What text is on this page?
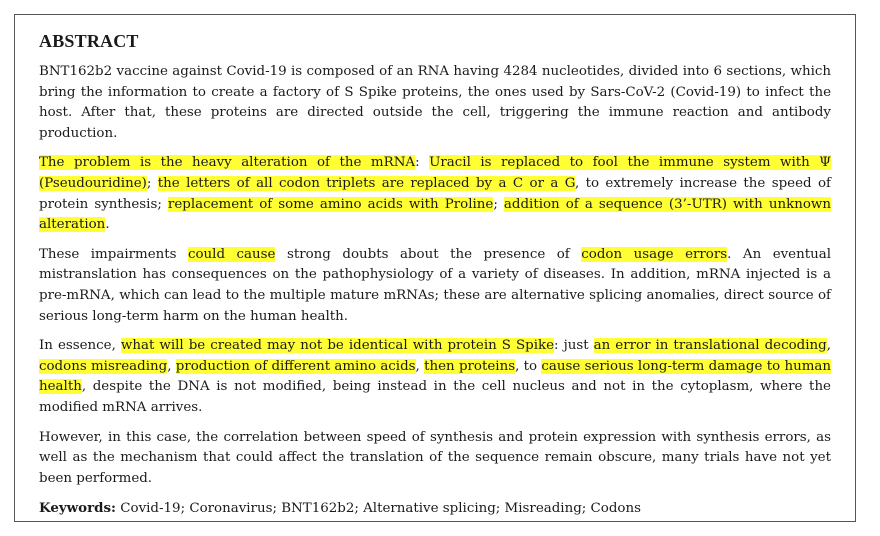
ABSTRACT

BNT162b2 vaccine against Covid-19 is composed of an RNA having 4284 nucleotides, divided into 6 sections, which bring the information to create a factory of S Spike proteins, the ones used by Sars-CoV-2 (Covid-19) to infect the host. After that, these proteins are directed outside the cell, triggering the immune reaction and antibody production.

The problem is the heavy alteration of the mRNA: Uracil is replaced to fool the immune system with Ψ (Pseudouridine); the letters of all codon triplets are replaced by a C or a G, to extremely increase the speed of protein synthesis; replacement of some amino acids with Proline; addition of a sequence (3’-UTR) with unknown alteration.

These impairments could cause strong doubts about the presence of codon usage errors. An eventual mistranslation has consequences on the pathophysiology of a variety of diseases. In addition, mRNA injected is a pre-mRNA, which can lead to the multiple mature mRNAs; these are alternative splicing anomalies, direct source of serious long-term harm on the human health.

In essence, what will be created may not be identical with protein S Spike: just an error in translational decoding, codons misreading, production of different amino acids, then proteins, to cause serious long-term damage to human health, despite the DNA is not modified, being instead in the cell nucleus and not in the cytoplasm, where the modified mRNA arrives.

However, in this case, the correlation between speed of synthesis and protein expression with synthesis errors, as well as the mechanism that could affect the translation of the sequence remain obscure, many trials have not yet been performed.

Keywords: Covid-19; Coronavirus; BNT162b2; Alternative splicing; Misreading; Codons
